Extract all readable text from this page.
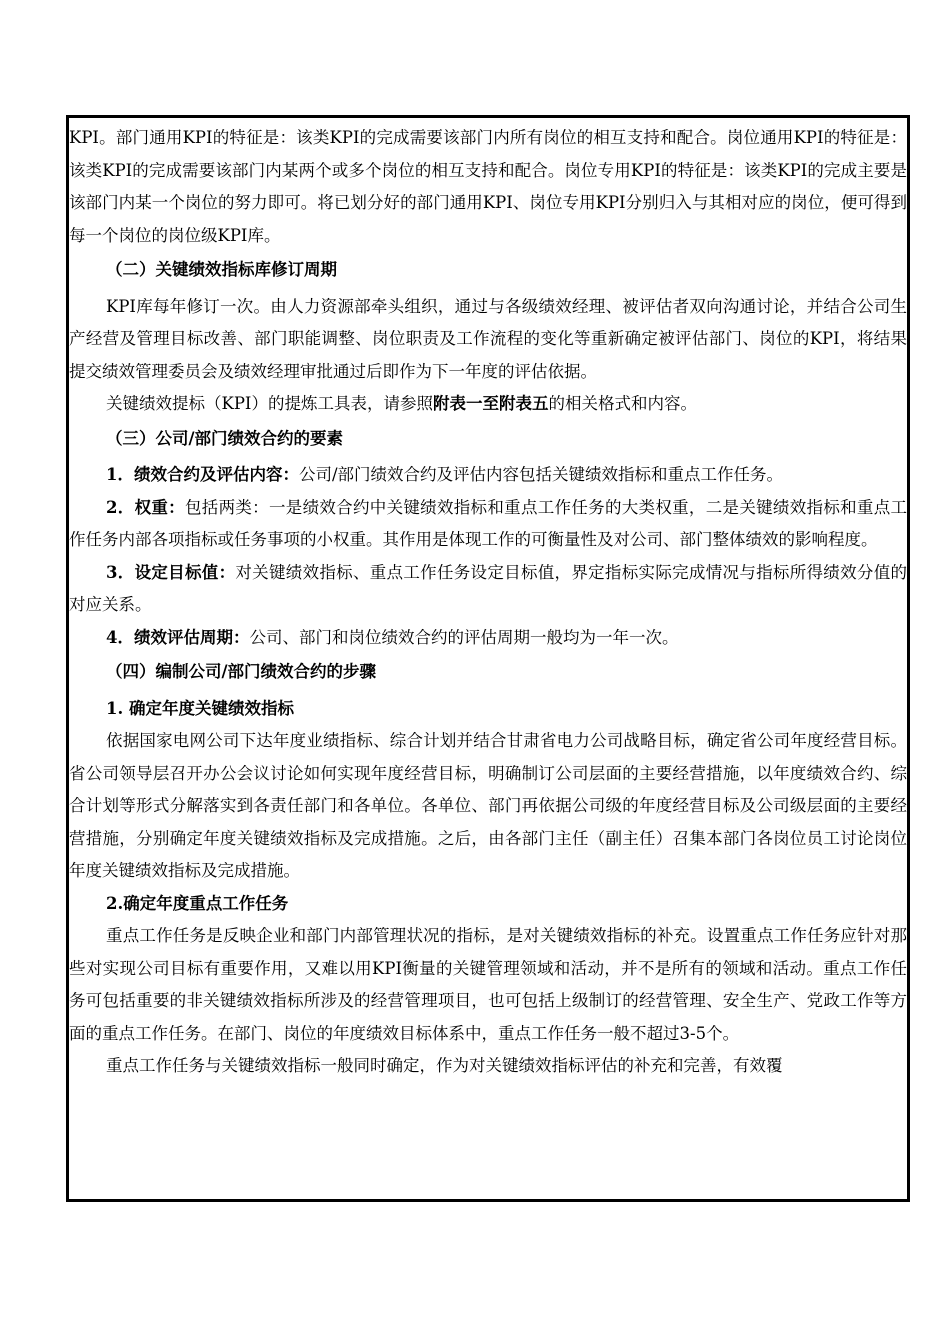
KPI。部门通用KPI的特征是：该类KPI的完成需要该部门内所有岗位的相互支持和配合。岗位通用KPI的特征是：该类KPI的完成需要该部门内某两个或多个岗位的相互支持和配合。岗位专用KPI的特征是：该类KPI的完成主要是该部门内某一个岗位的努力即可。将已划分好的部门通用KPI、岗位专用KPI分别归入与其相对应的岗位，便可得到每一个岗位的岗位级KPI库。

（二）关键绩效指标库修订周期

KPI库每年修订一次。由人力资源部牵头组织，通过与各级绩效经理、被评估者双向沟通讨论，并结合公司生产经营及管理目标改善、部门职能调整、岗位职责及工作流程的变化等重新确定被评估部门、岗位的KPI，将结果提交绩效管理委员会及绩效经理审批通过后即作为下一年度的评估依据。

关键绩效提标（KPI）的提炼工具表，请参照附表一至附表五的相关格式和内容。

（三）公司/部门绩效合约的要素

1．绩效合约及评估内容：公司/部门绩效合约及评估内容包括关键绩效指标和重点工作任务。

2．权重：包括两类：一是绩效合约中关键绩效指标和重点工作任务的大类权重，二是关键绩效指标和重点工作任务内部各项指标或任务事项的小权重。其作用是体现工作的可衡量性及对公司、部门整体绩效的影响程度。

3．设定目标值：对关键绩效指标、重点工作任务设定目标值，界定指标实际完成情况与指标所得绩效分值的对应关系。

4．绩效评估周期：公司、部门和岗位绩效合约的评估周期一般均为一年一次。

（四）编制公司/部门绩效合约的步骤

1. 确定年度关键绩效指标

依据国家电网公司下达年度业绩指标、综合计划并结合甘肃省电力公司战略目标，确定省公司年度经营目标。省公司领导层召开办公会议讨论如何实现年度经营目标，明确制订公司层面的主要经营措施，以年度绩效合约、综合计划等形式分解落实到各责任部门和各单位。各单位、部门再依据公司级的年度经营目标及公司级层面的主要经营措施，分别确定年度关键绩效指标及完成措施。之后，由各部门主任（副主任）召集本部门各岗位员工讨论岗位年度关键绩效指标及完成措施。

2.确定年度重点工作任务

重点工作任务是反映企业和部门内部管理状况的指标，是对关键绩效指标的补充。设置重点工作任务应针对那些对实现公司目标有重要作用，又难以用KPI衡量的关键管理领域和活动，并不是所有的领域和活动。重点工作任务可包括重要的非关键绩效指标所涉及的经营管理项目，也可包括上级制订的经营管理、安全生产、党政工作等方面的重点工作任务。在部门、岗位的年度绩效目标体系中，重点工作任务一般不超过3-5个。

重点工作任务与关键绩效指标一般同时确定，作为对关键绩效指标评估的补充和完善，有效覆
